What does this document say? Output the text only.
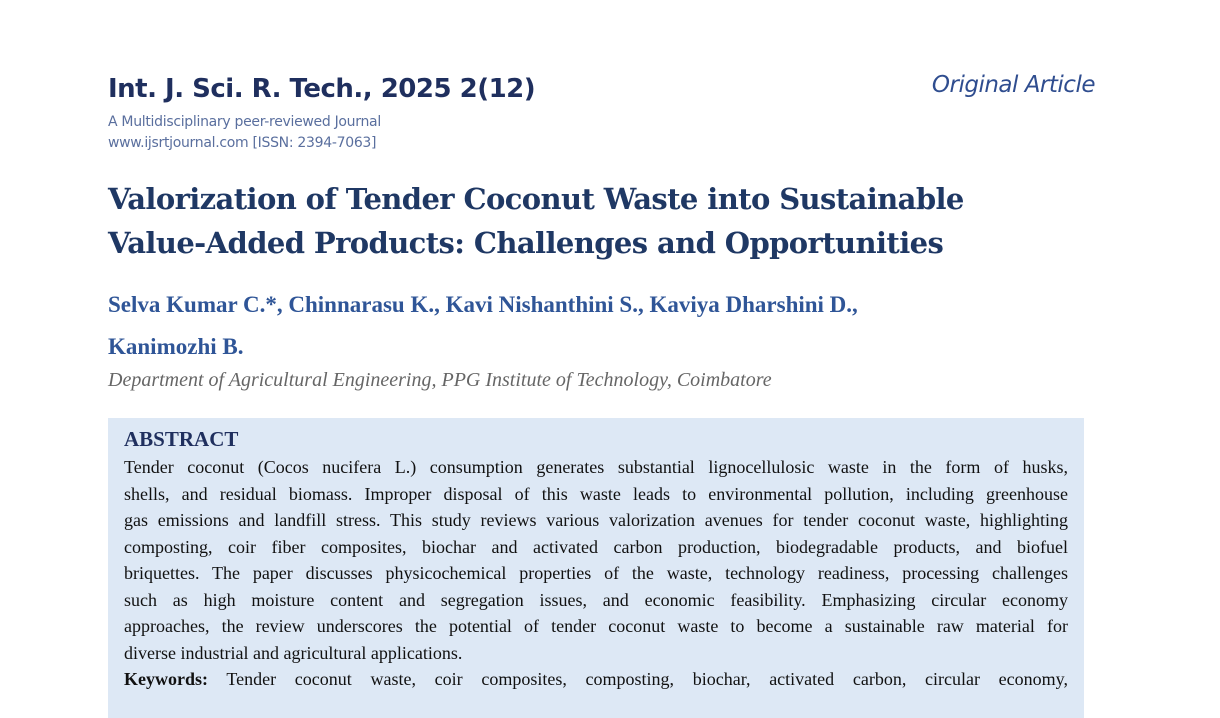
Int. J. Sci. R. Tech., 2025 2(12)
A Multidisciplinary peer-reviewed Journal
www.ijsrtjournal.com [ISSN: 2394-7063]
Original Article
Valorization of Tender Coconut Waste into Sustainable
Value-Added Products: Challenges and Opportunities
Selva Kumar C.*, Chinnarasu K., Kavi Nishanthini S., Kaviya Dharshini D.,
Kanimozhi B.
Department of Agricultural Engineering, PPG Institute of Technology, Coimbatore
ABSTRACT
Tender coconut (Cocos nucifera L.) consumption generates substantial lignocellulosic waste in the form of husks,
shells, and residual biomass. Improper disposal of this waste leads to environmental pollution, including greenhouse
gas emissions and landfill stress. This study reviews various valorization avenues for tender coconut waste, highlighting
composting, coir fiber composites, biochar and activated carbon production, biodegradable products, and biofuel
briquettes. The paper discusses physicochemical properties of the waste, technology readiness, processing challenges
such as high moisture content and segregation issues, and economic feasibility. Emphasizing circular economy
approaches, the review underscores the potential of tender coconut waste to become a sustainable raw material for
diverse industrial and agricultural applications.
Keywords: Tender coconut waste, coir composites, composting, biochar, activated carbon, circular economy,
